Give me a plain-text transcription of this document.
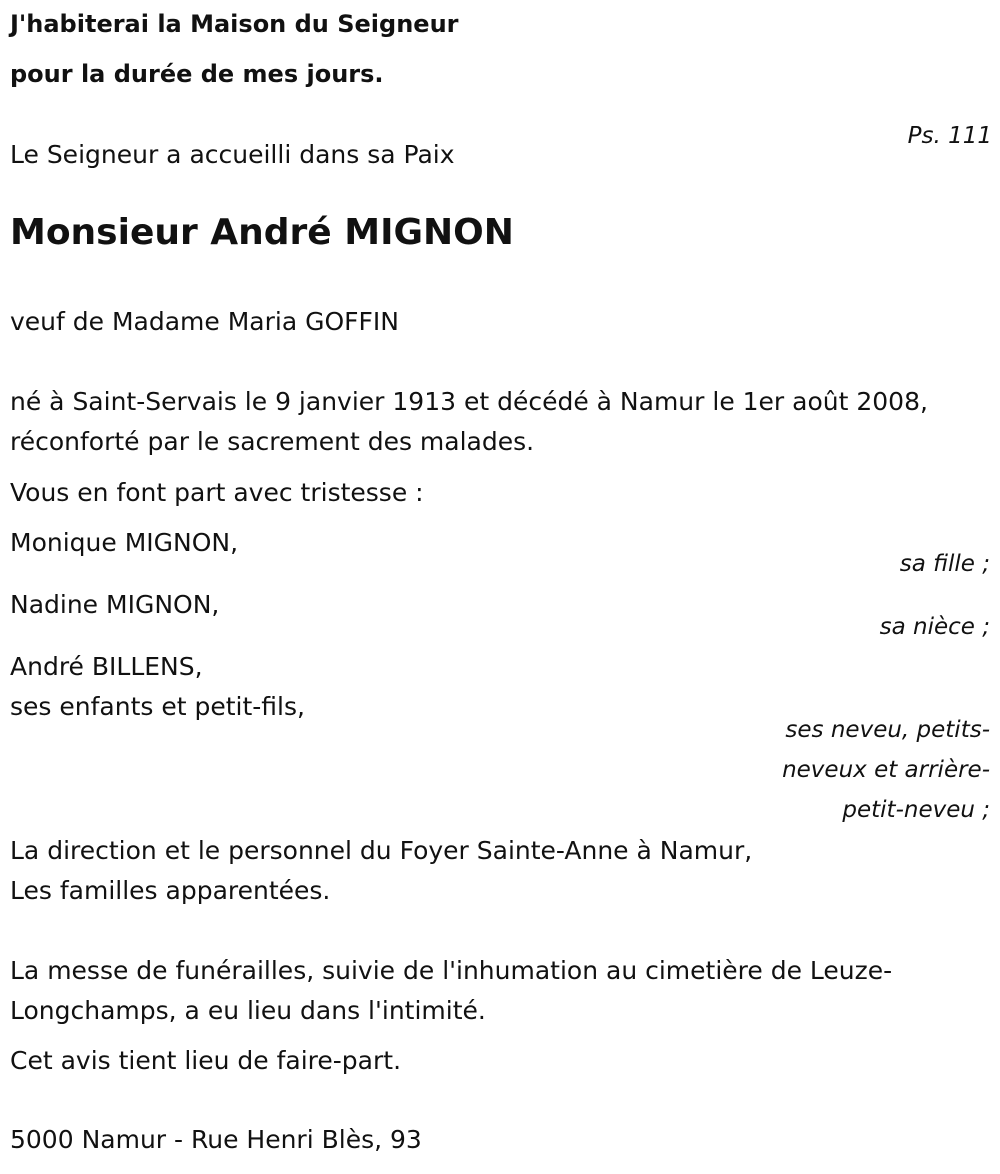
J'habiterai la Maison du Seigneur
pour la durée de mes jours.
Ps. 111
Le Seigneur a accueilli dans sa Paix
Monsieur André MIGNON
veuf de Madame Maria GOFFIN
né à Saint-Servais le 9 janvier 1913 et décédé à Namur le 1er août 2008,
réconforté par le sacrement des malades.
Vous en font part avec tristesse :
Monique MIGNON,
sa fille ;
Nadine MIGNON,
sa nièce ;
André BILLENS,
ses enfants et petit-fils,
ses neveu, petits-
neveux et arrière-
petit-neveu ;
La direction et le personnel du Foyer Sainte-Anne à Namur,
Les familles apparentées.
La messe de funérailles, suivie de l'inhumation au cimetière de Leuze-
Longchamps, a eu lieu dans l'intimité.
Cet avis tient lieu de faire-part.
5000 Namur - Rue Henri Blès, 93
